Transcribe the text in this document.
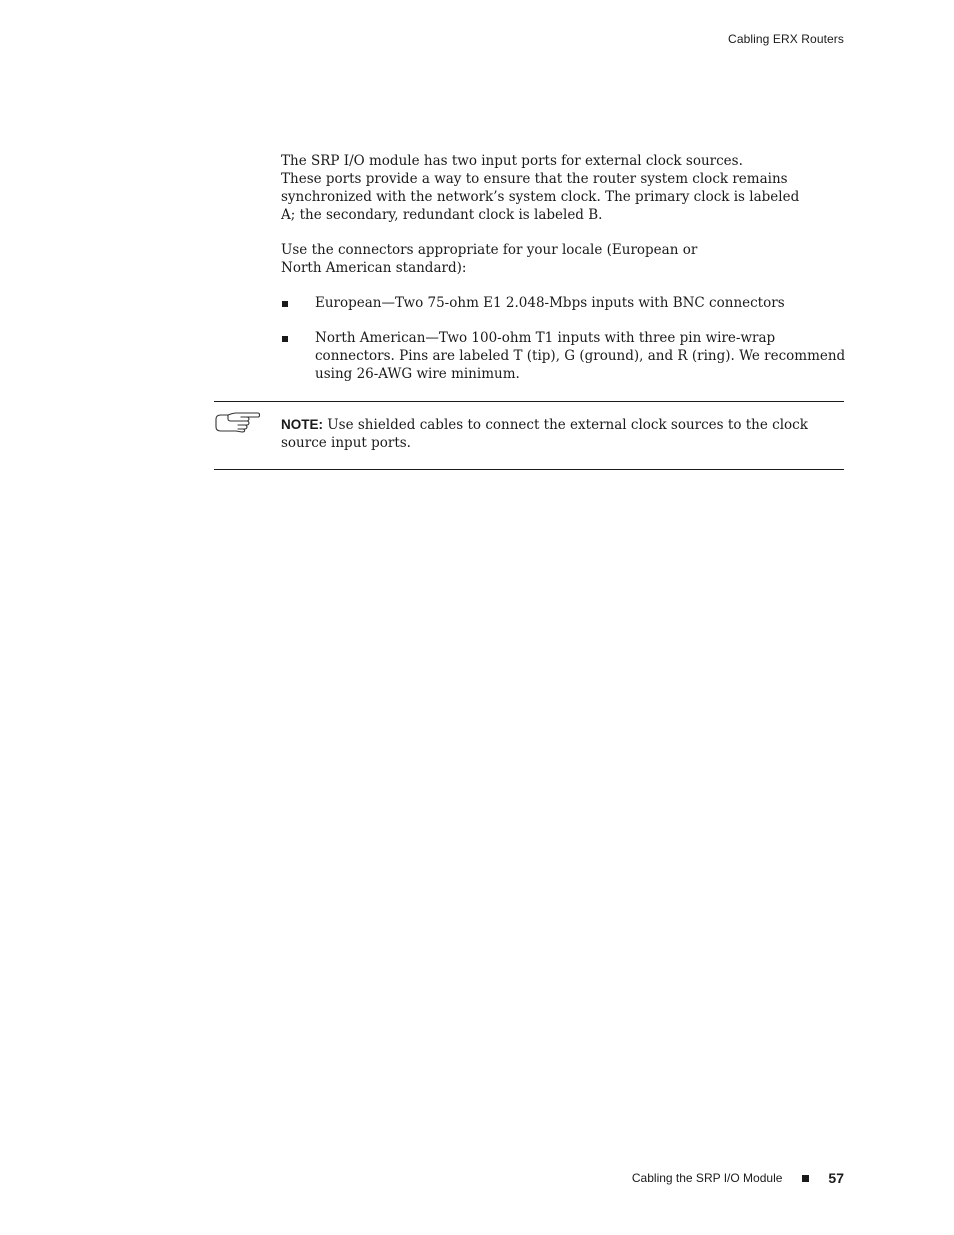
Cabling ERX Routers
The SRP I/O module has two input ports for external clock sources.
These ports provide a way to ensure that the router system clock remains
synchronized with the network’s system clock. The primary clock is labeled
A; the secondary, redundant clock is labeled B.
Use the connectors appropriate for your locale (European or
North American standard):
European—Two 75-ohm E1 2.048-Mbps inputs with BNC connectors
North American—Two 100-ohm T1 inputs with three pin wire-wrap
connectors. Pins are labeled T (tip), G (ground), and R (ring). We recommend
using 26-AWG wire minimum.
NOTE: Use shielded cables to connect the external clock sources to the clock
source input ports.
Cabling the SRP I/O Module	57
